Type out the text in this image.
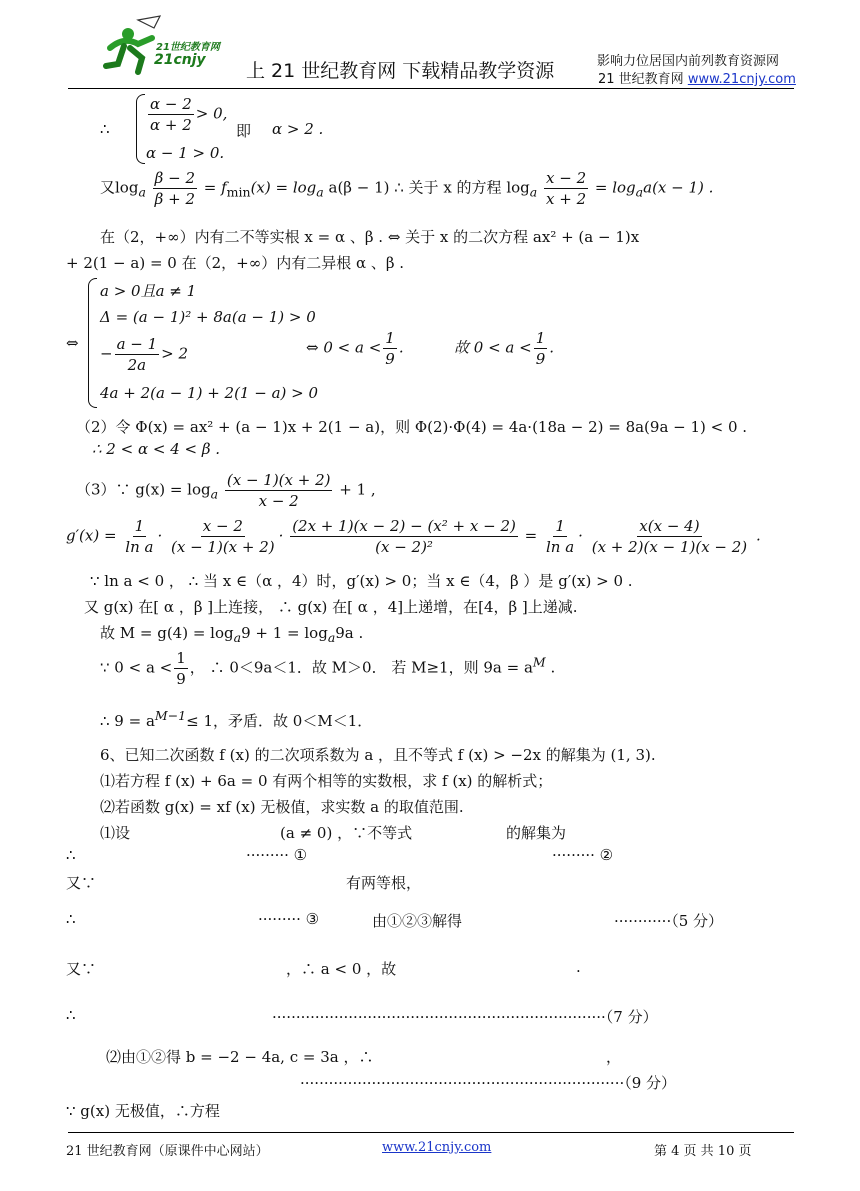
21世纪教育网
21cnjy 上 21 世纪教育网 下载精品教学资源	影响力位居国内前列教育资源网
21 世纪教育网 www.21cnjy.com
∴	$\frac{\alpha - 2}{\alpha + 2} > 0$,
α − 1 > 0.
即 α > 2 .
又$\log_a \frac{\beta - 2}{\beta + 2} = f_{min}(x) = \log_a a(\beta - 1)$ ∴ 关于 x 的方程 $\log_a \frac{x - 2}{x + 2} = \log_aa(x - 1)$ .
在（2，+∞）内有二不等实根 x = α 、β . ⇔ 关于 x 的二次方程 ax² + (a − 1)x
+ 2(1 − a) = 0 在（2，+∞）内有二异根 α 、β .
⇔
a > 0且a ≠ 1
Δ = (a − 1)² + 8a(a − 1) > 0
− $\frac{a - 1}{2a} > 2$
4a + 2(a − 1) + 2(1 − a) > 0
⇔ $0 < a < \frac{1}{9}$ .	故 $0 < a < \frac{1}{9}$ .
（2）令 Φ(x) = ax² + (a − 1)x + 2(1 − a)，则 Φ(2)·Φ(4) = 4a·(18a − 2) = 8a(9a − 1) < 0 .
∴ 2 < α < 4 < β .
（3）∵ $g(x) = \log_a \frac{(x - 1)(x + 2)}{x - 2} + 1$ ,
$g'(x) = \frac{1}{\text{ln a}} \cdot \frac{x - 2}{(x - 1)(x + 2)} \cdot \frac{\text{(2x + 1)(x − 2) − (x² + x − 2)}}{\text{(x − 2)²}} = \frac{1}{\text{ln a}} \cdot \frac{x(x - 4)}{(x + 2)(x - 1)(x - 2)}$ .
∵ ln a < 0 ， ∴ 当 x ∈（α ，4）时，g′(x) > 0；当 x ∈（4，β ）是 g′(x) > 0 .
又 g(x) 在[ α ，β ]上连接， ∴ g(x) 在[ α ，4]上递增，在[4，β ]上递减.
故 $M = g(4) = \log_a9 + 1 = \log_a9a$ .
∵ $0 < a < \frac{1}{9}$ ， ∴ 0＜9a＜1．故 M＞0． 若 M≥1，则 $9a = a^M$ .
∴ $9 = a^{M-1}\le 1$，矛盾．故 0＜M＜1．
6、已知二次函数 f (x) 的二次项系数为 a ，且不等式 f (x) > −2x 的解集为 (1, 3).
⑴若方程 f (x) + 6a = 0 有两个相等的实数根，求 f (x) 的解析式；
⑵若函数 g(x) = xf (x) 无极值，求实数 a 的取值范围.
⑴设	(a ≠ 0) ，∵不等式	的解集为
∴	········· ①	········· ②
又∵	有两等根，
∴	········· ③	由①②③解得	············（5 分）
又∵	，∴ a < 0 ，故	.
∴	······································································（7 分）
⑵由①②得 b = −2 − 4a, c = 3a ，∴	，
····································································（9 分）
∵ g(x) 无极值，∴方程
21 世纪教育网（原课件中心网站）	www.21cnjy.com	第 4 页 共 10 页
